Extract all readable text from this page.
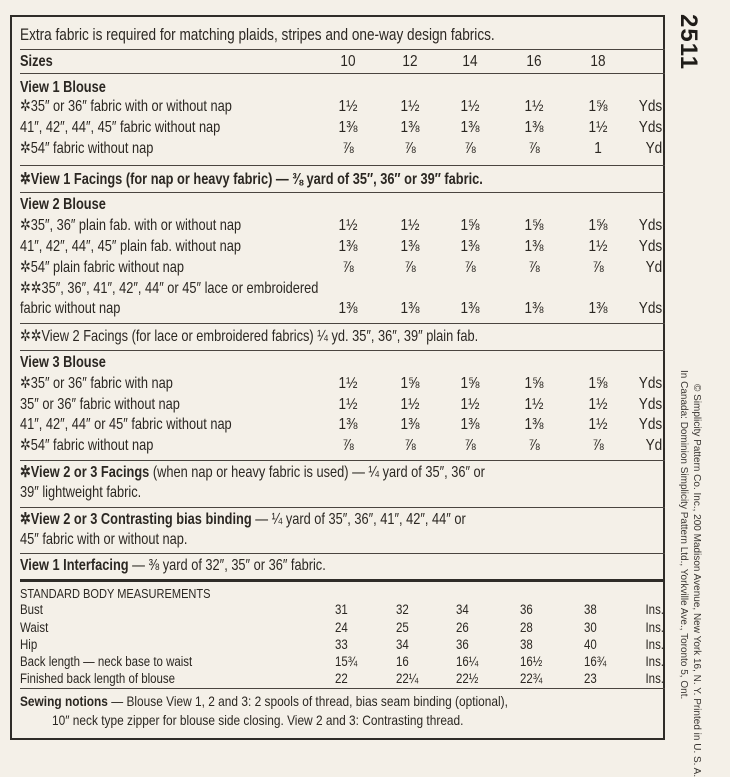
2511
© Simplicity Pattern Co. Inc., 200 Madison Avenue, New York 16, N. Y. Printed in U. S. A.
In Canada: Dominion Simplicity Pattern Ltd., Yorkville Ave., Toronto 5, Ont.
Extra fabric is required for matching plaids, stripes and one-way design fabrics.
Sizes
View 1 Blouse
✲View 1 Facings (for nap or heavy fabric) — ⅜ yard of 35″, 36″ or 39″ fabric.
View 2 Blouse
✲✲View 2 Facings (for lace or embroidered fabrics) ¼ yd. 35″, 36″, 39″ plain fab.
View 3 Blouse
✲View 2 or 3 Facings (when nap or heavy fabric is used) — ¼ yard of 35″, 36″ or
39″ lightweight fabric.
✲View 2 or 3 Contrasting bias binding — ¼ yard of 35″, 36″, 41″, 42″, 44″ or
45″ fabric with or without nap.
View 1 Interfacing — ⅜ yard of 32″, 35″ or 36″ fabric.
STANDARD BODY MEASUREMENTS
Sewing notions — Blouse View 1, 2 and 3: 2 spools of thread, bias seam binding (optional),
10″ neck type zipper for blouse side closing. View 2 and 3: Contrasting thread.
10	12	14	16	18
✲35″ or 36″ fabric with or without nap	1½	1½	1½	1½	1⅝	Yds.
41″, 42″, 44″, 45″ fabric without nap	1⅜	1⅜	1⅜	1⅜	1½	Yds.
✲54″ fabric without nap	⅞	⅞	⅞	⅞	1	Yd.
✲35″, 36″ plain fab. with or without nap	1½	1½	1⅝	1⅝	1⅝	Yds.
41″, 42″, 44″, 45″ plain fab. without nap	1⅜	1⅜	1⅜	1⅜	1½	Yds.
✲54″ plain fabric without nap	⅞	⅞	⅞	⅞	⅞	Yd.
✲✲35″, 36″, 41″, 42″, 44″ or 45″ lace or embroidered
fabric without nap	1⅜	1⅜	1⅜	1⅜	1⅜	Yds.
✲35″ or 36″ fabric with nap	1½	1⅝	1⅝	1⅝	1⅝	Yds.
35″ or 36″ fabric without nap	1½	1½	1½	1½	1½	Yds.
41″, 42″, 44″ or 45″ fabric without nap	1⅜	1⅜	1⅜	1⅜	1½	Yds.
✲54″ fabric without nap	⅞	⅞	⅞	⅞	⅞	Yd.
Bust	31	32	34	36	38	Ins.
Waist	24	25	26	28	30	Ins.
Hip	33	34	36	38	40	Ins.
Back length — neck base to waist	15¾	16	16¼	16½	16¾	Ins.
Finished back length of blouse	22	22¼	22½	22¾	23	Ins.
